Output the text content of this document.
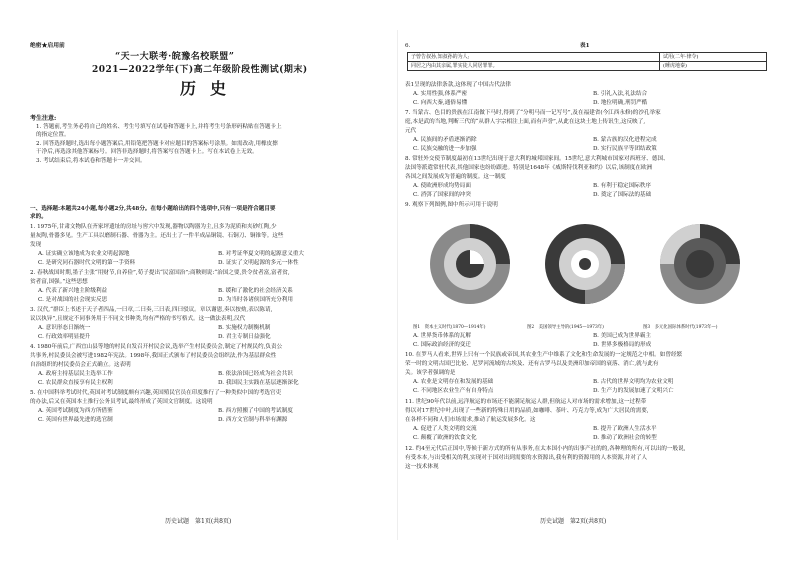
绝密★启用前
“天一大联考·皖豫名校联盟”
2021—2022学年(下)高二年级阶段性测试(期末)
历史
考生注意:
1. 答题前,考生务必将自己的姓名、考生号填写在试卷和答题卡上,并将考生号条形码粘贴在答题卡上
的指定位置。
2. 回答选择题时,选出每小题答案后,用铅笔把答题卡对应题目的答案标号涂黑。如需改动,用橡皮擦
干净后,再选涂其他答案标号。回答非选择题时,将答案写在答题卡上。写在本试卷上无效。
3. 考试结束后,将本试卷和答题卡一并交回。
一、选择题:本题共24小题,每小题2分,共48分。在每小题给出的四个选项中,只有一项是符合题目要
求的。
1. 1975年,甘肃文物队在齐家坪遗址的房址与窖穴中发现,器物以陶器为主,且多为泥质和夹砂红陶,少
量灰陶,骨器多见。生产工具以磨制石器、骨器为主。还出土了一件半成品铜镜、石铜刀、铜锥等。这些
发现
A. 证实确立该地成为农业文明起源地	B. 对考证华夏文明的起源意义重大
C. 是研究同石器时代文明的第一手资料	D. 证实了文明起源的多元一体性
2. 春秋战国时期,墨子主张“用财节,自养俭”,荀子提出“民富国治”;商鞅则说:“治国之要,贵令贫者富,富者贫,
贫者富,国强。”这些思想
A. 代表了新兴地主阶级利益	B. 缓和了激化的社会经济关系
C. 是对战国的社会现实反思	D. 为当时各诸侯国所充分利用
3. 汉代,“群臣上书述于天子者四品,一曰章,二曰奏,三曰表,四曰驳议。章以谢恩,奏以按劾,表以陈请,
议以执异”,且规定不同事务用于不同文书种类,均有严格的书写格式。这一做法表明,汉代
A. 意识形态日渐统一	B. 实施权力制衡机制
C. 行政效率明显提升	D. 君主专制日益强化
4. 1980年前后,广西宜山县等地的村民自发召开村民会议,选举产生村民委员会,制定了村规民约,负责公
共事务,村民委员会被写进1982年宪法。1998年,我国正式颁布了村民委员会组织法,作为基层群众性
自治组织的村民委员会正式确立。这表明
A. 政府主持基层民主选举工作	B. 依法治国已经成为社会共识
C. 农民群众直接享有民主权利	D. 我国民主实践在基层逐渐深化
5. 在中国科举考试时代,英国对考试制度颇有兴趣,英国殖民官员在印度推行了一种类似中国的考选官吏
的办法,后又在英国本土推行公务员考试,最终形成了英国文官制度。这说明
A. 英国考试制度为西方所借鉴	B. 西方照搬了中国的考试制度
C. 英国有世界最先进的选官制	D. 西方文官制与科举有渊源
历史试题　第1页(共8页)
6.	表1
子曾告叔孙,知叔孙的为人;	试用(二年·律令)
同居之内由其亲属,罪实徒人同居罪罪。	(睡虎地秦)
表1呈现的法律条款,这体现了中国古代法律
A. 实用性强,体系严密	B. 引礼入法,礼法结合
C. 向西大秦,通俗易懂	D. 地位明确,刑罚严酷
7. 当蒙古、色目的贵族在江南做下马时,得到了“分明马而一记写号”,及在福建省(今江西永修)的沙孔举家
庭,本是武的当地,判断三代的“从群人字宗相注上面,而有声誉”,从此在这块土地上传讯生,这反映了,
元代
A. 民族间的矛盾逐渐消除	B. 蒙古族的汉化进程完成
C. 民族交融的进一步加强	D. 实行民族平等团结政策
8. 常驻外交使节制度最初在13世纪出现于意大利的城邦国家间。15世纪,意大利城市国家对西班牙、德国、
法国等派遣常驻代表,其他国家也纷纷跟进。特别是1648年《威斯特伐利亚和约》以后,该制度在欧洲
各国之间发展成为普遍的制度。这一制度
A. 使欧洲形成均势局面	B. 有利于稳定国际秩序
C. 消弭了国家间的冲突	D. 奠定了国际法的基础
9. 观察下列图例,图中所示可用于说明
图1　资本主义时代(1870—1914年)	图2　美国领导主导的(1945—1973年)	图3　多元化国际体系时代(1973年—)
A. 世界货币体系的瓦解	B. 美国已成为世界霸主
C. 国际政治经济的变迁	D. 世界多极格局的形成
10. 在罗马人看来,世界上只有一个民族或帝国,其农业生产中维系了文化和生命发展的一定规范之中相。如曾经繁
荣一时的文明古国巴比伦、尼罗河流域的古埃及、还有古罗马以及美洲印加帝国的衰落、消亡,就与此有
关。该学者强调的是
A. 农业是文明存在和发展的基础	B. 古代的世界文明均为农业文明
C. 不同地区农业生产有自身特点	D. 生产力的发展加速了文明兴亡
11. 世纪90年代以前,远洋航运的市场还不能满足航运人群,但航运人对市场的需求增加,这一过程带
得以对17世纪中叶,出现了一些新的特殊日用的品质,如咖啡、茶叶、巧克力等,成为广大居民的需要,
在各样不同和人们市场需求,推动了航运发展多化。这
A. 促进了人类文明的交流	B. 提升了欧洲人生活水平
C. 颠覆了欧洲的饮食文化	D. 推动了欧洲社会的转型
12. 约4至元代后正国中,等候于新方式的所有从事务,在太本国小内的出事产社的的,各种理的所有,可以出的一般说,
有受本本,与出受相关的利,实现对于国对出到需要的水资源出,我有利的资源用的人本资源,并对了人
这一技术体现
历史试题　第2页(共8页)
